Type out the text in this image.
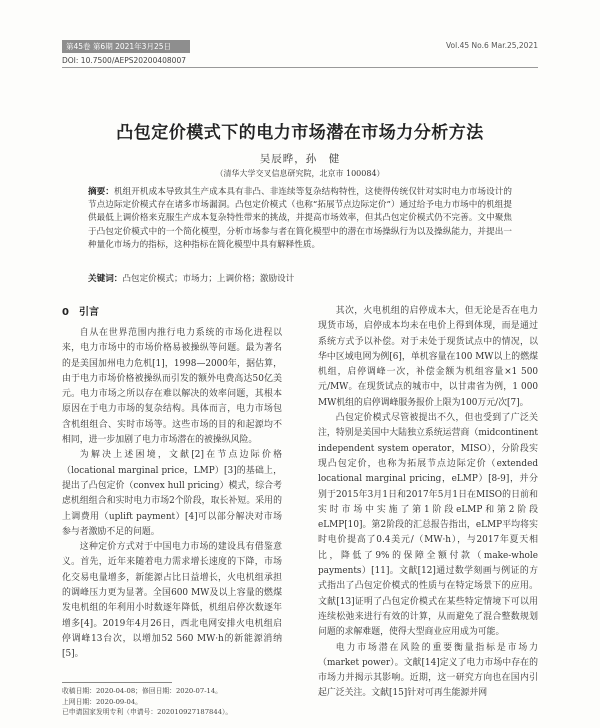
第45卷 第6期 2021年3月25日	Vol.45 No.6 Mar.25,2021
DOI: 10.7500/AEPS20200408007
凸包定价模式下的电力市场潜在市场力分析方法
吴辰晔，孙　健
（清华大学交叉信息研究院，北京市 100084）
摘要：机组开机成本导致其生产成本具有非凸、非连续等复杂结构特性，这使得传统仅针对实时电力市场设计的节点边际定价模式存在诸多市场漏洞。凸包定价模式（也称“拓展节点边际定价”）通过给予电力市场中的机组提供最低上调价格来克服生产成本复杂特性带来的挑战，并提高市场效率，但其凸包定价模式仍不完善。文中聚焦于凸包定价模式中的一个简化模型，分析市场参与者在简化模型中的潜在市场操纵行为以及操纵能力，并提出一种量化市场力的指标，这种指标在简化模型中具有解释性质。
关键词：凸包定价模式；市场力；上调价格；激励设计
0　引言

自从在世界范围内推行电力系统的市场化进程以来，电力市场中的市场价格易被操纵等问题。最为著名的是美国加州电力危机[1]，1998—2000年，据估算，由于电力市场价格被操纵而引发的额外电费高达50亿美元。电力市场之所以存在难以解决的效率问题，其根本原因在于电力市场的复杂结构。具体而言，电力市场包含机组组合、实时市场等。这些市场的目的和起源均不相同，进一步加剧了电力市场潜在的被操纵风险。

为解决上述困境，文献[2]在节点边际价格（locational marginal price，LMP）[3]的基础上，提出了凸包定价（convex hull pricing）模式，综合考虑机组组合和实时电力市场2个阶段，取长补短。采用的上调费用（uplift payment）[4]可以部分解决对市场参与者激励不足的问题。

这种定价方式对于中国电力市场的建设具有借鉴意义。首先，近年来随着电力需求增长速度的下降，市场化交易电量增多，新能源占比日益增长，火电机组承担的调峰压力更为显著。全国600 MW及以上容量的燃煤发电机组的年利用小时数逐年降低，机组启停次数逐年增多[4]。2019年4月26日，西北电网安排火电机组启停调峰13台次，以增加52 560 MW·h的新能源消纳[5]。

其次，火电机组的启停成本大，但无论是否在电力现货市场，启停成本均未在电价上得到体现，而是通过系统方式予以补偿。对于未处于现货试点中的情况，以华中区域电网为例[6]，单机容量在100 MW以上的燃煤机组，启停调峰一次，补偿金额为机组容量×1 500元/MW。在现货试点的城市中，以甘肃省为例，1 000 MW机组的启停调峰服务报价上限为100万元/次[7]。

凸包定价模式尽管被提出不久，但也受到了广泛关注，特别是美国中大陆独立系统运营商（midcontinent independent system operator，MISO），分阶段实现凸包定价，也称为拓展节点边际定价（extended locational marginal pricing，eLMP）[8-9]，并分别于2015年3月1日和2017年5月1日在MISO的日前和实时市场中实施了第1阶段eLMP和第2阶段eLMP[10]。第2阶段的汇总报告指出，eLMP平均将实时电价提高了0.4美元/（MW·h），与2017年夏天相比，降低了9%的保障全额付款（make-whole payments）[11]。文献[12]通过数学刻画与例证的方式指出了凸包定价模式的性质与在特定场景下的应用。文献[13]证明了凸包定价模式在某些特定情境下可以用连续松弛来进行有效的计算，从而避免了混合整数规划问题的求解难题，使得大型商业应用成为可能。

电力市场潜在风险的重要衡量指标是市场力（market power）。文献[14]定义了电力市场中存在的市场力并揭示其影响。近期，这一研究方向也在国内引起广泛关注。文献[15]针对可再生能源并网

收稿日期：2020-04-08；修回日期：2020-07-14。
上网日期：2020-09-04。
已申请国家发明专利（申请号：202010927187844）。
